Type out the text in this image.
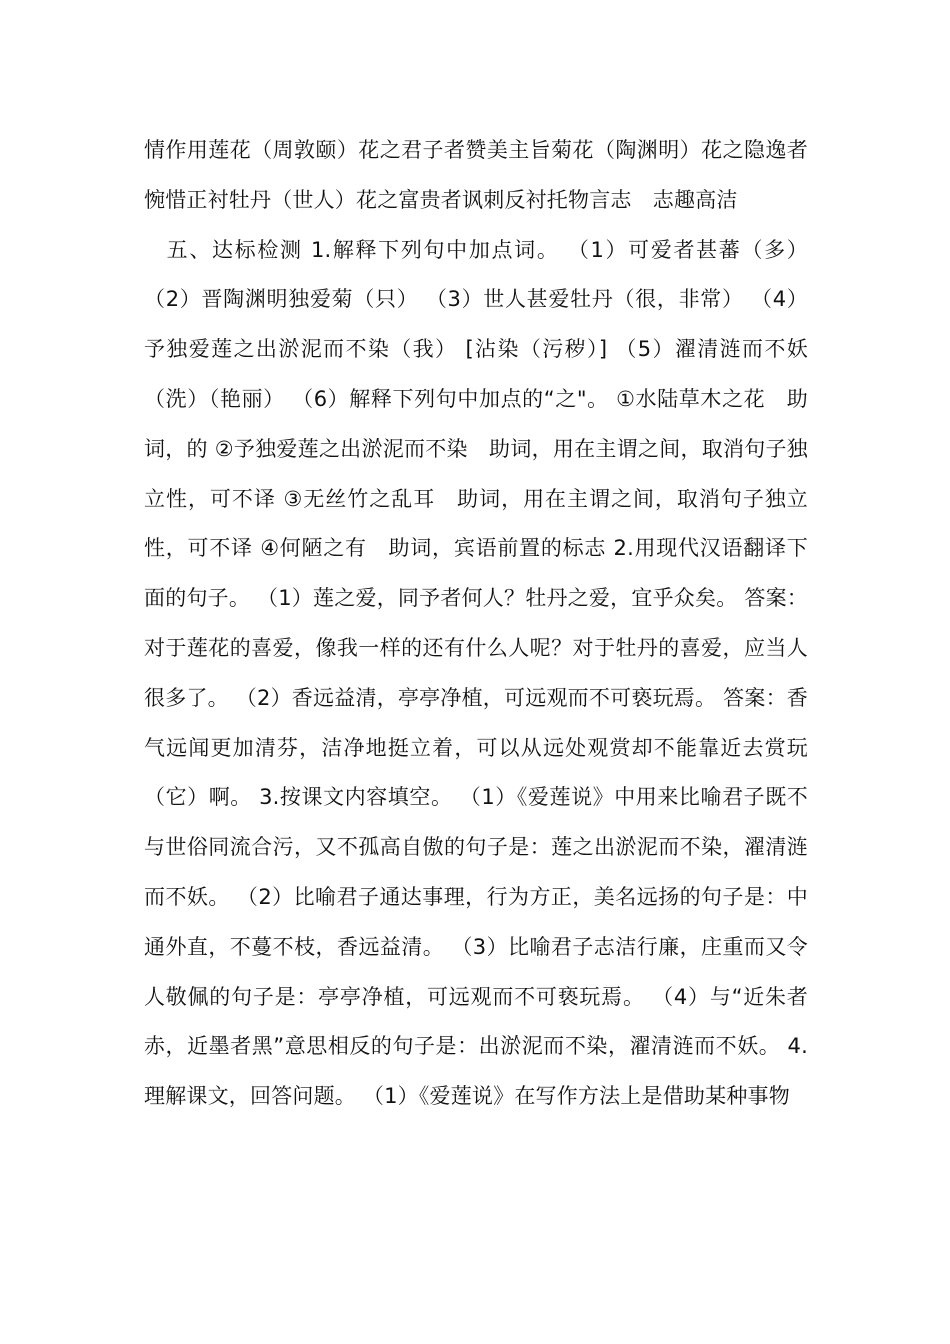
情作用莲花（周敦颐）花之君子者赞美主旨菊花（陶渊明）花之隐逸者惋惜正衬牡丹（世人）花之富贵者讽刺反衬托物言志　志趣高洁

　五、达标检测 1.解释下列句中加点词。 （1）可爱者甚蕃（多） （2）晋陶渊明独爱菊（只） （3）世人甚爱牡丹（很，非常） （4）予独爱莲之出淤泥而不染（我） [沾染（污秽）] （5）濯清涟而不妖（洗）（艳丽） （6）解释下列句中加点的“之"。 ①水陆草木之花　助词，的 ②予独爱莲之出淤泥而不染　助词，用在主谓之间，取消句子独立性，可不译 ③无丝竹之乱耳　助词，用在主谓之间，取消句子独立性，可不译 ④何陋之有　助词，宾语前置的标志 2.用现代汉语翻译下面的句子。 （1）莲之爱，同予者何人？牡丹之爱，宜乎众矣。 答案：对于莲花的喜爱，像我一样的还有什么人呢？对于牡丹的喜爱，应当人很多了。 （2）香远益清，亭亭净植，可远观而不可亵玩焉。 答案：香气远闻更加清芬，洁净地挺立着，可以从远处观赏却不能靠近去赏玩（它）啊。 3.按课文内容填空。 （1）《爱莲说》中用来比喻君子既不与世俗同流合污，又不孤高自傲的句子是：莲之出淤泥而不染，濯清涟而不妖。 （2）比喻君子通达事理，行为方正，美名远扬的句子是：中通外直，不蔓不枝，香远益清。 （3）比喻君子志洁行廉，庄重而又令人敬佩的句子是：亭亭净植，可远观而不可亵玩焉。 （4）与“近朱者赤，近墨者黑”意思相反的句子是：出淤泥而不染，濯清涟而不妖。 4.理解课文，回答问题。 （1）《爱莲说》在写作方法上是借助某种事物
